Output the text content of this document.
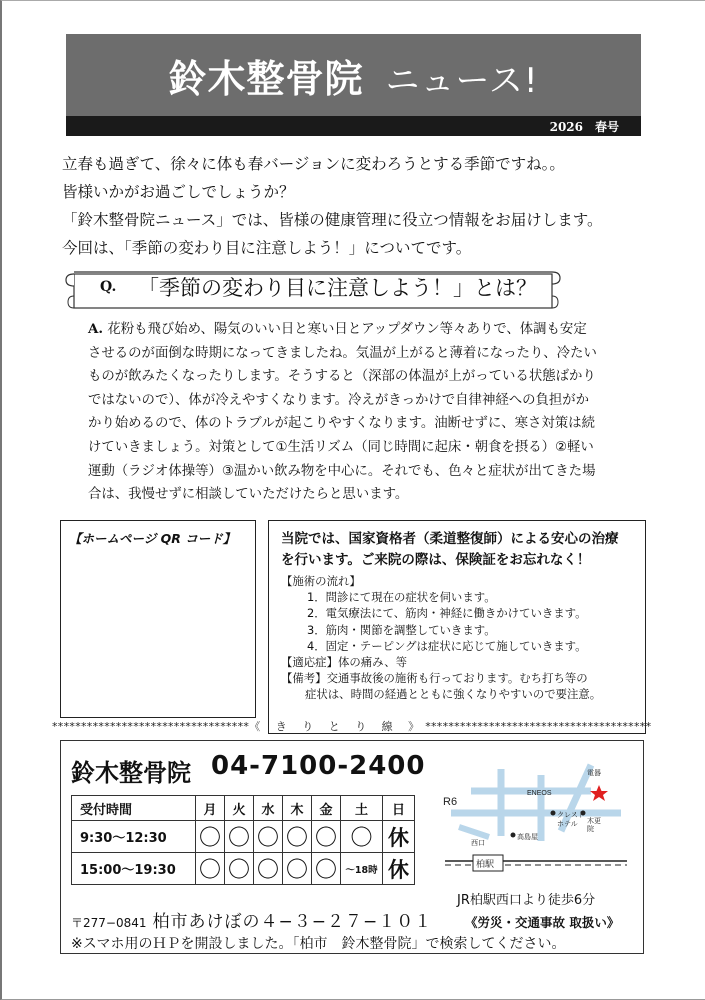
鈴木整骨院 ニュース!
2026　春号

立春も過ぎて、徐々に体も春バージョンに変わろうとする季節ですね。。

皆様いかがお過ごしでしょうか？

「鈴木整骨院ニュース」では、皆様の健康管理に役立つ情報をお届けします。

今回は、「季節の変わり目に注意しよう！」についてです。

Q. 「季節の変わり目に注意しよう！」とは？

A. 花粉も飛び始め、陽気のいい日と寒い日とアップダウン等々ありで、体調も安定

させるのが面倒な時期になってきましたね。気温が上がると薄着になったり、冷たい

ものが飲みたくなったりします。そうすると（深部の体温が上がっている状態ばかり

ではないので）、体が冷えやすくなります。冷えがきっかけで自律神経への負担がか

かり始めるので、体のトラブルが起こりやすくなります。油断せずに、寒さ対策は続

けていきましょう。対策として①生活リズム（同じ時間に起床・朝食を摂る）②軽い

運動（ラジオ体操等）③温かい飲み物を中心に。それでも、色々と症状が出てきた場

合は、我慢せずに相談していただけたらと思います。

【ホームページ QR コード】	当院では、国家資格者（柔道整復師）による安心の治療
を行います。ご来院の際は、保険証をお忘れなく！
【施術の流れ】
1．問診にて現在の症状を伺います。
2．電気療法にて、筋肉・神経に働きかけていきます。
3．筋肉・関節を調整していきます。
4．固定・テーピングは症状に応じて施していきます。
【適応症】体の痛み、等
【備考】交通事故後の施術も行っております。むち打ち等の
症状は、時間の経過とともに強くなりやすいので要注意。
**********************************《 き り と り 線 》***************************************
鈴木整骨院 04-7100-2400
受付時間	月	火	水	木	金	土	日
9:30～12:30	〇	〇	〇	〇	〇	〇	休
15:00～19:30	〇	〇	〇	〇	〇	～18時	休
R6
電器
ENEOS
クレスト
ホテル 木更
院
西口
高島屋
柏駅
JR柏駅西口より徒歩6分
〒277−0841 柏市あけぼの４−３−２７−１０１	《労災・交通事故 取扱い》
※スマホ用のＨＰを開設しました。「柏市　鈴木整骨院」で検索してください。
